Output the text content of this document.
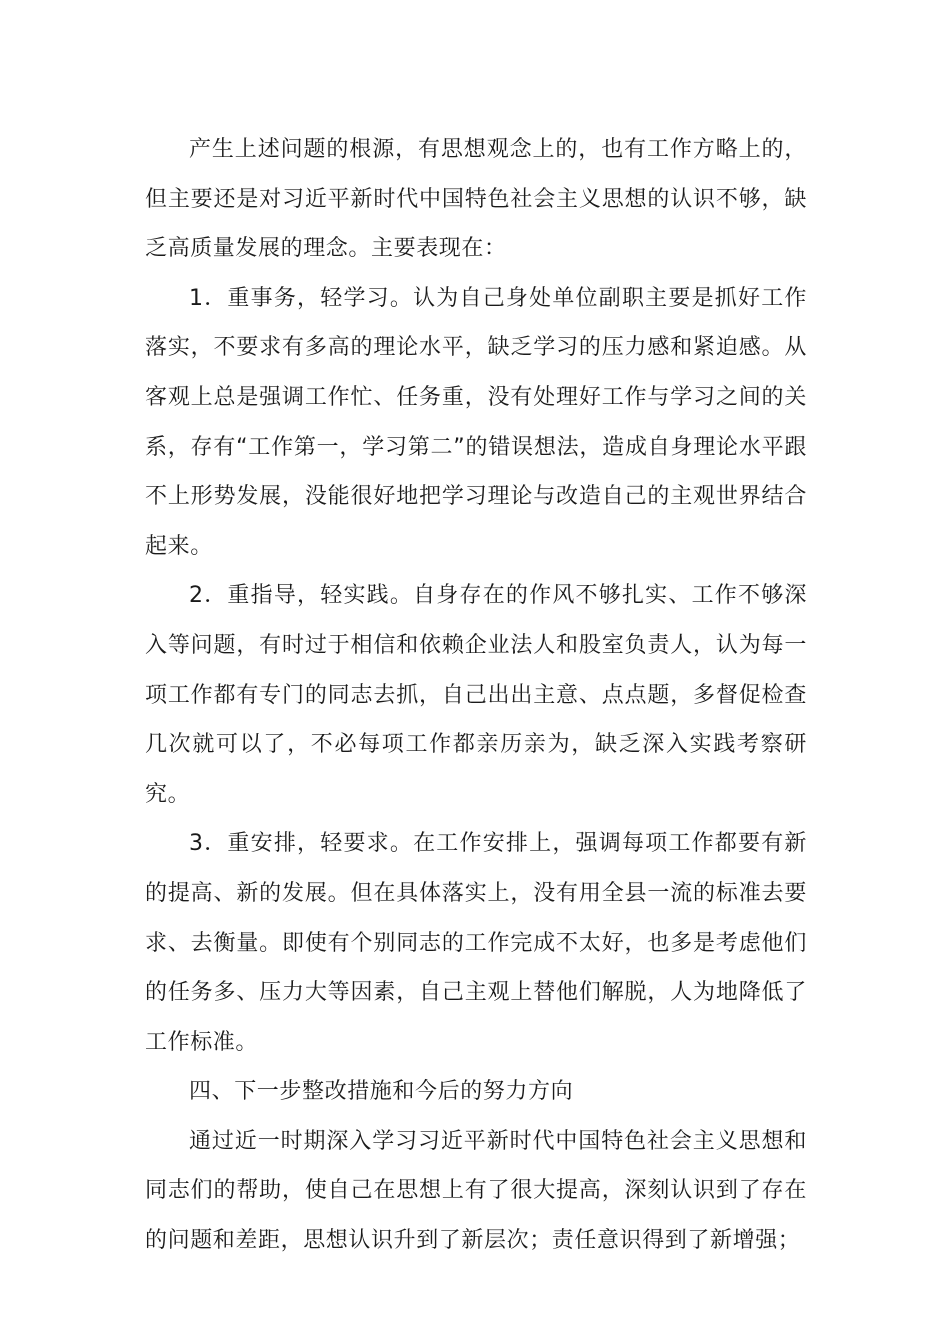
产生上述问题的根源，有思想观念上的，也有工作方略上的，但主要还是对习近平新时代中国特色社会主义思想的认识不够，缺乏高质量发展的理念。主要表现在：

1．重事务，轻学习。认为自己身处单位副职主要是抓好工作落实，不要求有多高的理论水平，缺乏学习的压力感和紧迫感。从客观上总是强调工作忙、任务重，没有处理好工作与学习之间的关系，存有“工作第一，学习第二”的错误想法，造成自身理论水平跟不上形势发展，没能很好地把学习理论与改造自己的主观世界结合起来。

2．重指导，轻实践。自身存在的作风不够扎实、工作不够深入等问题，有时过于相信和依赖企业法人和股室负责人，认为每一项工作都有专门的同志去抓，自己出出主意、点点题，多督促检查几次就可以了，不必每项工作都亲历亲为，缺乏深入实践考察研究。

3．重安排，轻要求。在工作安排上，强调每项工作都要有新的提高、新的发展。但在具体落实上，没有用全县一流的标准去要求、去衡量。即使有个别同志的工作完成不太好，也多是考虑他们的任务多、压力大等因素，自己主观上替他们解脱，人为地降低了工作标准。

四、下一步整改措施和今后的努力方向

通过近一时期深入学习习近平新时代中国特色社会主义思想和同志们的帮助，使自己在思想上有了很大提高，深刻认识到了存在的问题和差距，思想认识升到了新层次；责任意识得到了新增强；
